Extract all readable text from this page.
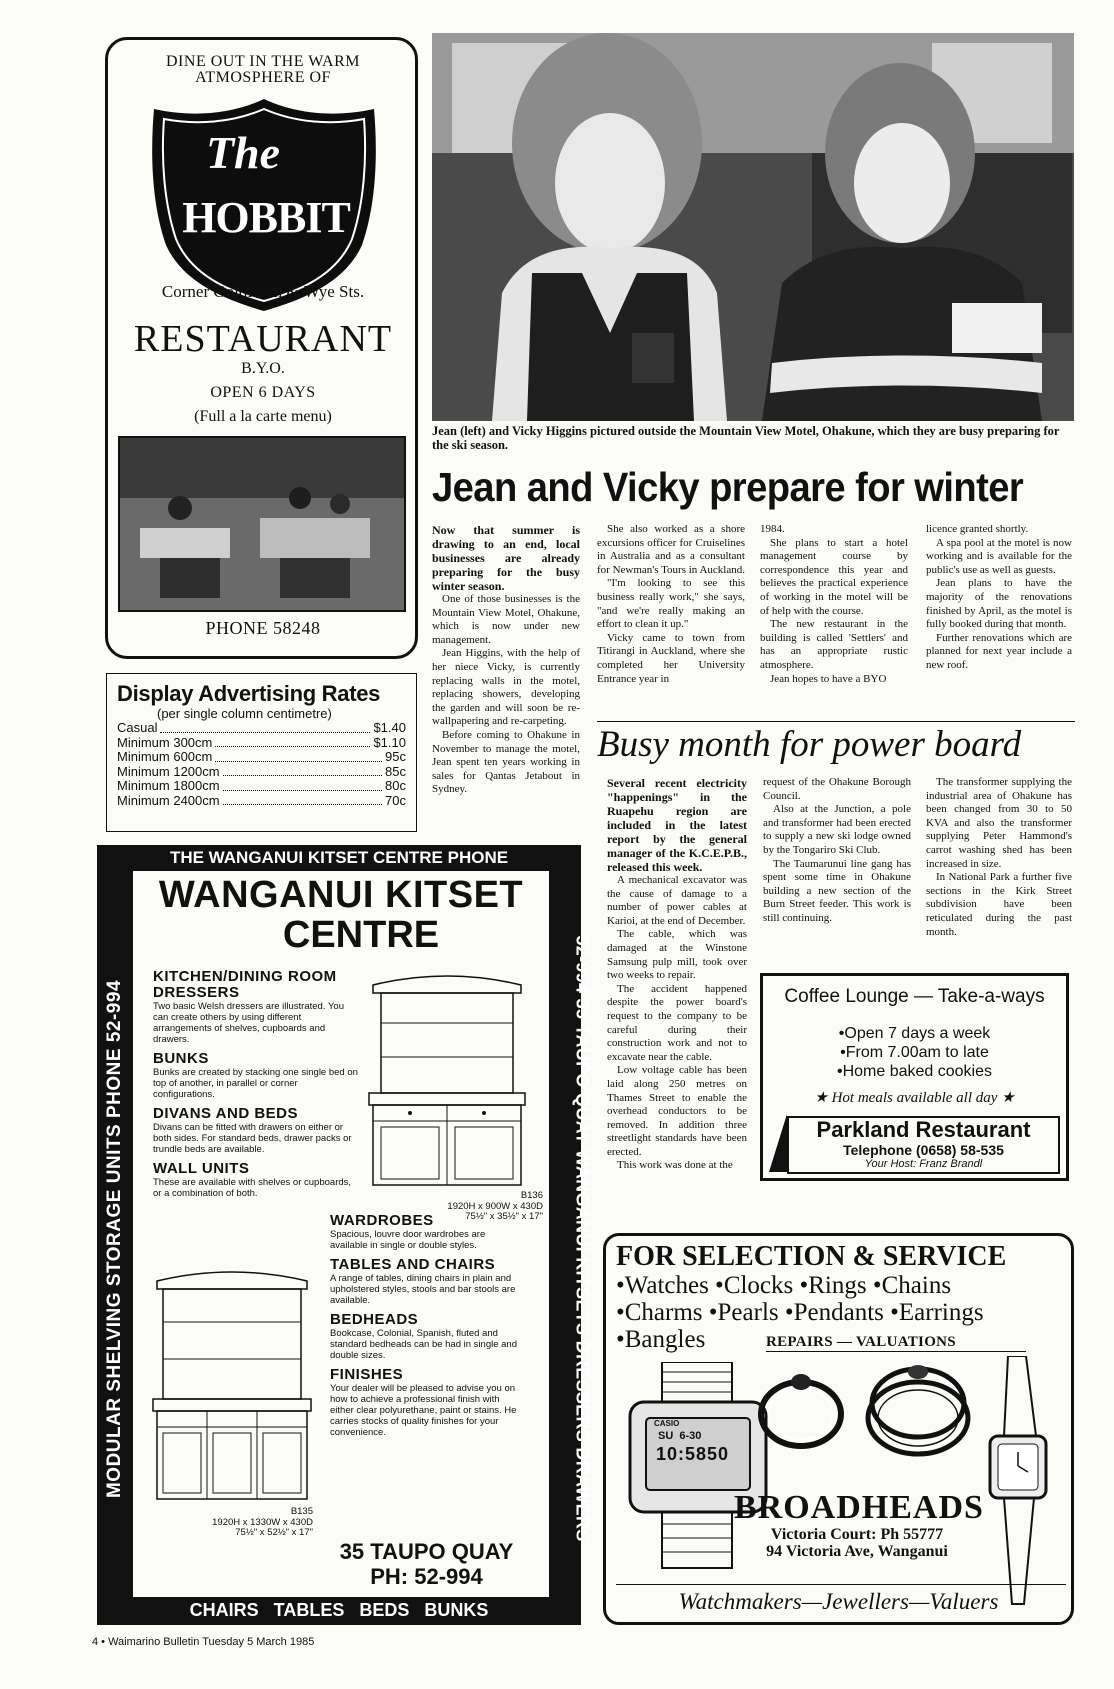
DINE OUT IN THE WARM ATMOSPHERE OF
The
HOBBIT
Corner Goldfinch & Wye Sts.
RESTAURANT
B.Y.O.
OPEN 6 DAYS
(Full a la carte menu)
PHONE 58248
Display Advertising Rates
(per single column centimetre)
Casual	$1.40
Minimum 300cm	$1.10
Minimum 600cm	95c
Minimum 1200cm	85c
Minimum 1800cm	80c
Minimum 2400cm	70c
Jean (left) and Vicky Higgins pictured outside the Mountain View Motel, Ohakune, which they are busy preparing for the ski season.
Jean and Vicky prepare for winter

Now that summer is drawing to an end, local businesses are already preparing for the busy winter season.

One of those businesses is the Mountain View Motel, Ohakune, which is now under new management.

Jean Higgins, with the help of her niece Vicky, is currently replacing walls in the motel, replacing showers, developing the garden and will soon be re-wallpapering and re-carpeting.

Before coming to Ohakune in November to manage the motel, Jean spent ten years working in sales for Qantas Jetabout in Sydney.

She also worked as a shore excursions officer for Cruiselines in Australia and as a consultant for Newman's Tours in Auckland.

"I'm looking to see this business really work," she says, "and we're really making an effort to clean it up."

Vicky came to town from Titirangi in Auckland, where she completed her University Entrance year in

1984.

She plans to start a hotel management course by correspondence this year and believes the practical experience of working in the motel will be of help with the course.

The new restaurant in the building is called 'Settlers' and has an appropriate rustic atmosphere.

Jean hopes to have a BYO

licence granted shortly.

A spa pool at the motel is now working and is available for the public's use as well as guests.

Jean plans to have the majority of the renovations finished by April, as the motel is fully booked during that month.

Further renovations which are planned for next year include a new roof.

Busy month for power board

Several recent electricity "happenings" in the Ruapehu region are included in the latest report by the general manager of the K.C.E.P.B., released this week.

A mechanical excavator was the cause of damage to a number of power cables at Karioi, at the end of December.

The cable, which was damaged at the Winstone Samsung pulp mill, took over two weeks to repair.

The accident happened despite the power board's request to the company to be careful during their construction work and not to excavate near the cable.

Low voltage cable has been laid along 250 metres on Thames Street to enable the overhead conductors to be removed. In addition three streetlight standards have been erected.

This work was done at the

request of the Ohakune Borough Council.

Also at the Junction, a pole and transformer had been erected to supply a new ski lodge owned by the Tongariro Ski Club.

The Taumarunui line gang has spent some time in Ohakune building a new section of the Burn Street feeder. This work is still continuing.

The transformer supplying the industrial area of Ohakune has been changed from 30 to 50 KVA and also the transformer supplying Peter Hammond's carrot washing shed has been increased in size.

In National Park a further five sections in the Kirk Street subdivision have been reticulated during the past month.

THE WANGANUI KITSET CENTRE PHONE
MODULAR SHELVING STORAGE UNITS PHONE 52-994	52-994 35 TAUPO QUAY WANGANUI KITSETS DRESSERS DRAWERS
CHAIRS   TABLES   BEDS   BUNKS
WANGANUI KITSET
CENTRE
KITCHEN/DINING ROOM DRESSERS
Two basic Welsh dressers are illustrated. You can create others by using different arrangements of shelves, cupboards and drawers.
BUNKS
Bunks are created by stacking one single bed on top of another, in parallel or corner configurations.
DIVANS AND BEDS
Divans can be fitted with drawers on either or both sides. For standard beds, drawer packs or trundle beds are available.
WALL UNITS
These are available with shelves or cupboards, or a combination of both.	B136
1920H x 900W x 430D
75½" x 35½" x 17"
B135
1920H x 1330W x 430D
75½" x 52½" x 17"
WARDROBES
Spacious, louvre door wardrobes are available in single or double styles.
TABLES AND CHAIRS
A range of tables, dining chairs in plain and upholstered styles, stools and bar stools are available.
BEDHEADS
Bookcase, Colonial, Spanish, fluted and standard bedheads can be had in single and double sizes.
FINISHES
Your dealer will be pleased to advise you on how to achieve a professional finish with either clear polyurethane, paint or stains. He carries stocks of quality finishes for your convenience.
35 TAUPO QUAY
PH: 52-994
Coffee Lounge — Take-a-ways
•Open 7 days a week
•From 7.00am to late
•Home baked cookies
★ Hot meals available all day ★
Parkland Restaurant
Telephone (0658) 58-535
Your Host: Franz Brandl
FOR SELECTION & SERVICE
•Watches •Clocks •Rings •Chains
•Charms •Pearls •Pendants •Earrings
•Bangles	REPAIRS — VALUATIONS
CASIO
SU  6-30
10:5850
BROADHEADS
Victoria Court: Ph 55777
94 Victoria Ave, Wanganui
Watchmakers—Jewellers—Valuers
4 • Waimarino Bulletin Tuesday 5 March 1985
